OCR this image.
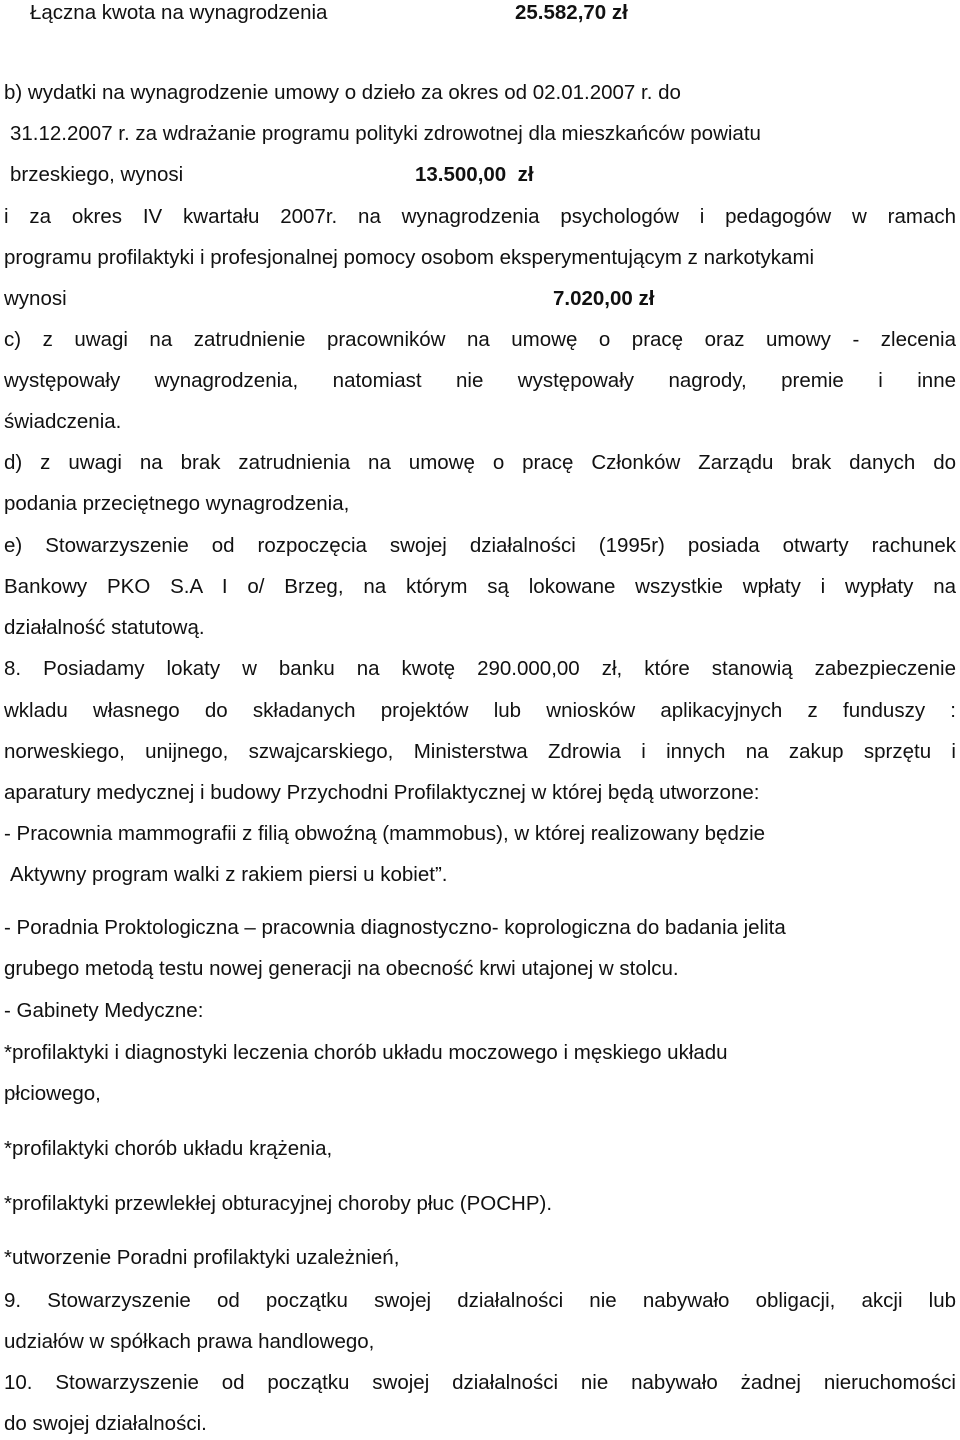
Łączna kwota na wynagrodzenia	25.582,70 zł
b) wydatki na wynagrodzenie umowy o dzieło za okres od 02.01.2007 r. do
31.12.2007 r. za wdrażanie programu polityki zdrowotnej dla mieszkańców powiatu
brzeskiego, wynosi	13.500,00  zł
i za okres IV kwartału 2007r. na wynagrodzenia psychologów i pedagogów w ramach
programu profilaktyki i profesjonalnej pomocy osobom eksperymentującym z narkotykami
wynosi	7.020,00 zł
c) z uwagi na zatrudnienie pracowników na umowę o pracę oraz umowy - zlecenia
występowały wynagrodzenia, natomiast nie występowały nagrody, premie i inne
świadczenia.
d) z uwagi na brak zatrudnienia na umowę o pracę Członków Zarządu brak danych do
podania przeciętnego wynagrodzenia,
e) Stowarzyszenie od rozpoczęcia swojej działalności (1995r) posiada otwarty rachunek
Bankowy PKO S.A I o/ Brzeg, na którym są lokowane wszystkie wpłaty i wypłaty na
działalność statutową.
8. Posiadamy lokaty w banku na kwotę 290.000,00 zł, które stanowią zabezpieczenie
wkladu własnego do składanych projektów lub wniosków aplikacyjnych z funduszy :
norweskiego, unijnego, szwajcarskiego, Ministerstwa Zdrowia i innych na zakup sprzętu i
aparatury medycznej i budowy Przychodni Profilaktycznej w której będą utworzone:
- Pracownia mammografii z filią obwoźną (mammobus), w której realizowany będzie
Aktywny program walki z rakiem piersi u kobiet”.
- Poradnia Proktologiczna – pracownia diagnostyczno- koprologiczna do badania jelita
grubego metodą testu nowej generacji na obecność krwi utajonej w stolcu.
- Gabinety Medyczne:
*profilaktyki i diagnostyki leczenia chorób układu moczowego i męskiego układu
płciowego,
*profilaktyki chorób układu krążenia,
*profilaktyki przewlekłej obturacyjnej choroby płuc (POCHP).
*utworzenie Poradni profilaktyki uzależnień,
9. Stowarzyszenie od początku swojej działalności nie nabywało obligacji, akcji lub
udziałów w spółkach prawa handlowego,
10. Stowarzyszenie od początku swojej działalności nie nabywało żadnej nieruchomości
do swojej działalności.
